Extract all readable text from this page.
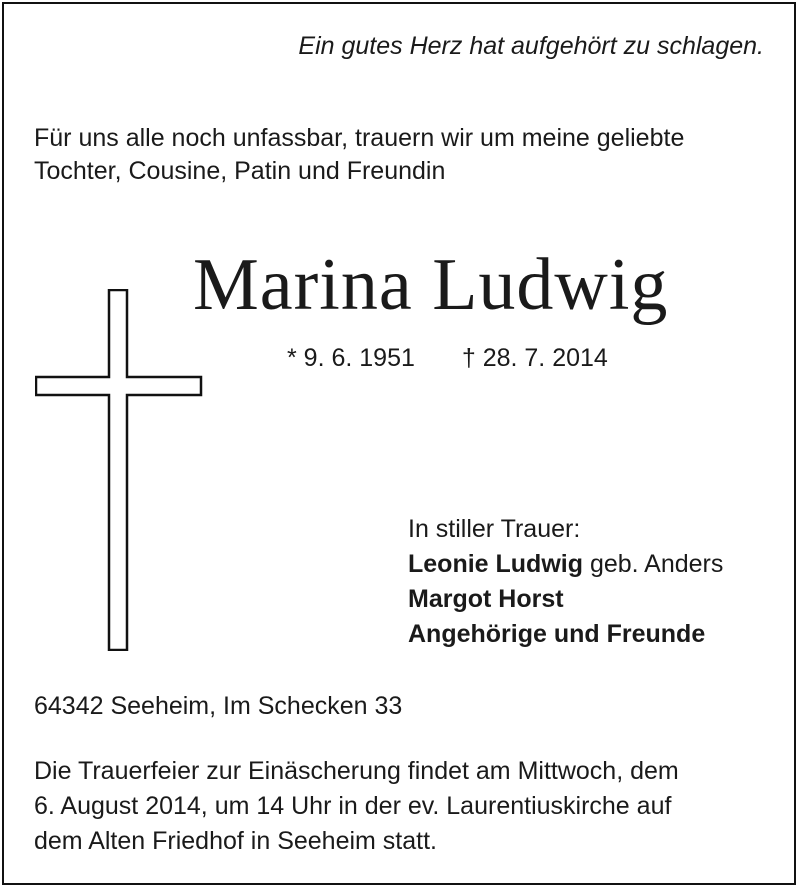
Ein gutes Herz hat aufgehört zu schlagen.
Für uns alle noch unfassbar, trauern wir um meine geliebte
Tochter, Cousine, Patin und Freundin
Marina Ludwig
* 9. 6. 1951 † 28. 7. 2014
In stiller Trauer:
Leonie Ludwig geb. Anders
Margot Horst
Angehörige und Freunde
64342 Seeheim, Im Schecken 33
Die Trauerfeier zur Einäscherung findet am Mittwoch, dem
6. August 2014, um 14 Uhr in der ev. Laurentiuskirche auf
dem Alten Friedhof in Seeheim statt.
